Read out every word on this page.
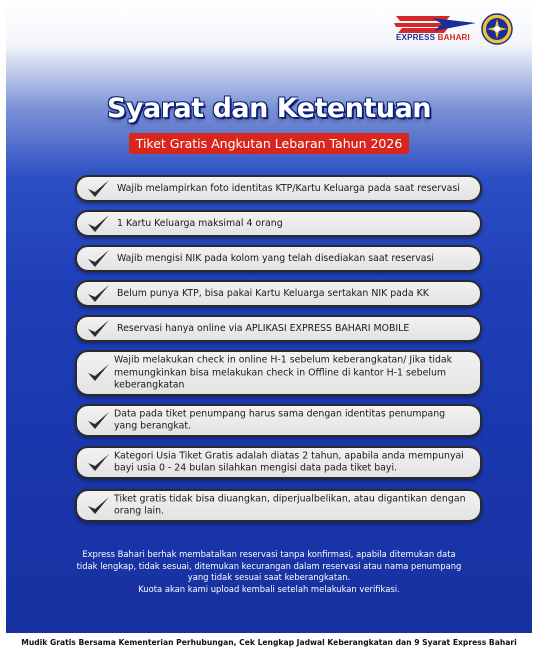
EXPRESS BAHARI
Syarat dan Ketentuan
Tiket Gratis Angkutan Lebaran Tahun 2026
Wajib melampirkan foto identitas KTP/Kartu Keluarga pada saat reservasi
1 Kartu Keluarga maksimal 4 orang
Wajib mengisi NIK pada kolom yang telah disediakan saat reservasi
Belum punya KTP, bisa pakai Kartu Keluarga sertakan NIK pada KK
Reservasi hanya online via APLIKASI EXPRESS BAHARI MOBILE
Wajib melakukan check in online H-1 sebelum keberangkatan/ Jika tidak memungkinkan bisa melakukan check in Offline di kantor H-1 sebelum keberangkatan
Data pada tiket penumpang harus sama dengan identitas penumpang yang berangkat.
Kategori Usia Tiket Gratis adalah diatas 2 tahun, apabila anda mempunyai bayi usia 0 - 24 bulan silahkan mengisi data pada tiket bayi.
Tiket gratis tidak bisa diuangkan, diperjualbelikan, atau digantikan dengan orang lain.
Express Bahari berhak membatalkan reservasi tanpa konfirmasi, apabila ditemukan data
tidak lengkap, tidak sesuai, ditemukan kecurangan dalam reservasi atau nama penumpang
yang tidak sesuai saat keberangkatan.
Kuota akan kami upload kembali setelah melakukan verifikasi.
Mudik Gratis Bersama Kementerian Perhubungan, Cek Lengkap Jadwal Keberangkatan dan 9 Syarat Express Bahari
